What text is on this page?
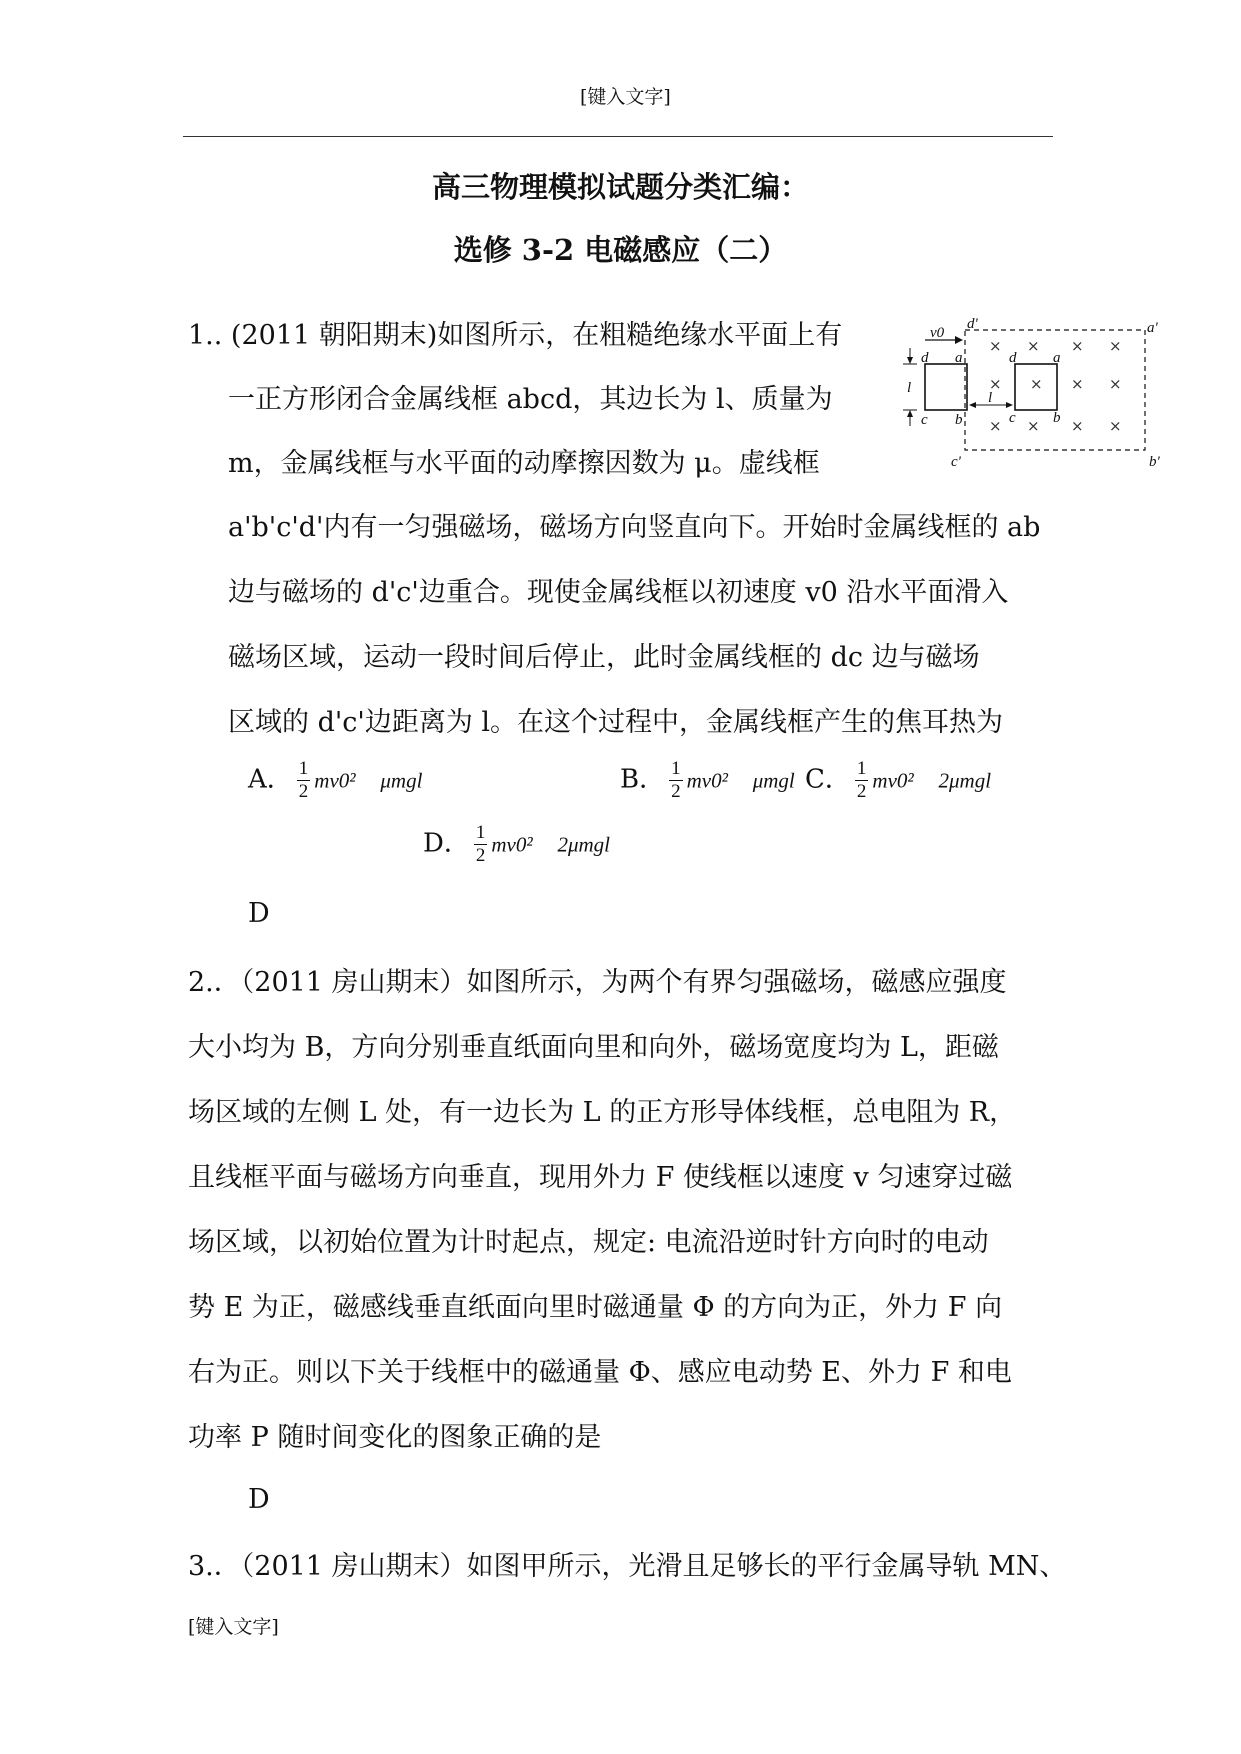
[键入文字]
高三物理模拟试题分类汇编：
选修 3-2 电磁感应（二）
1.. (2011 朝阳期末)如图所示，在粗糙绝缘水平面上有
一正方形闭合金属线框 abcd，其边长为 l、质量为
m，金属线框与水平面的动摩擦因数为 μ。虚线框
a'b'c'd'内有一匀强磁场，磁场方向竖直向下。开始时金属线框的 ab
边与磁场的 d'c'边重合。现使金属线框以初速度 v0 沿水平面滑入
磁场区域，运动一段时间后停止，此时金属线框的 dc 边与磁场
区域的 d'c'边距离为 l。在这个过程中，金属线框产生的焦耳热为
v0
l
l
d a
c b
d a
c b
d'	a'
c'	b'
× × × ×
× × × ×
× × × ×
A． $\frac{1}{2} mv0^2$ μmgl	B． $\frac{1}{2} mv0^2$ μmgl C． $\frac{1}{2} mv0^2$ 2μmgl
D． $\frac{1}{2} mv0^2$ 2μmgl
D
2.．（2011 房山期末）如图所示，为两个有界匀强磁场，磁感应强度
大小均为 B，方向分别垂直纸面向里和向外，磁场宽度均为 L，距磁
场区域的左侧 L 处，有一边长为 L 的正方形导体线框，总电阻为 R，
且线框平面与磁场方向垂直，现用外力 F 使线框以速度 v 匀速穿过磁
场区域，以初始位置为计时起点，规定: 电流沿逆时针方向时的电动
势 E 为正，磁感线垂直纸面向里时磁通量 Φ 的方向为正，外力 F 向
右为正。则以下关于线框中的磁通量 Φ、感应电动势 E、外力 F 和电
功率 P 随时间变化的图象正确的是
D
3.．（2011 房山期末）如图甲所示，光滑且足够长的平行金属导轨 MN、
[键入文字]
